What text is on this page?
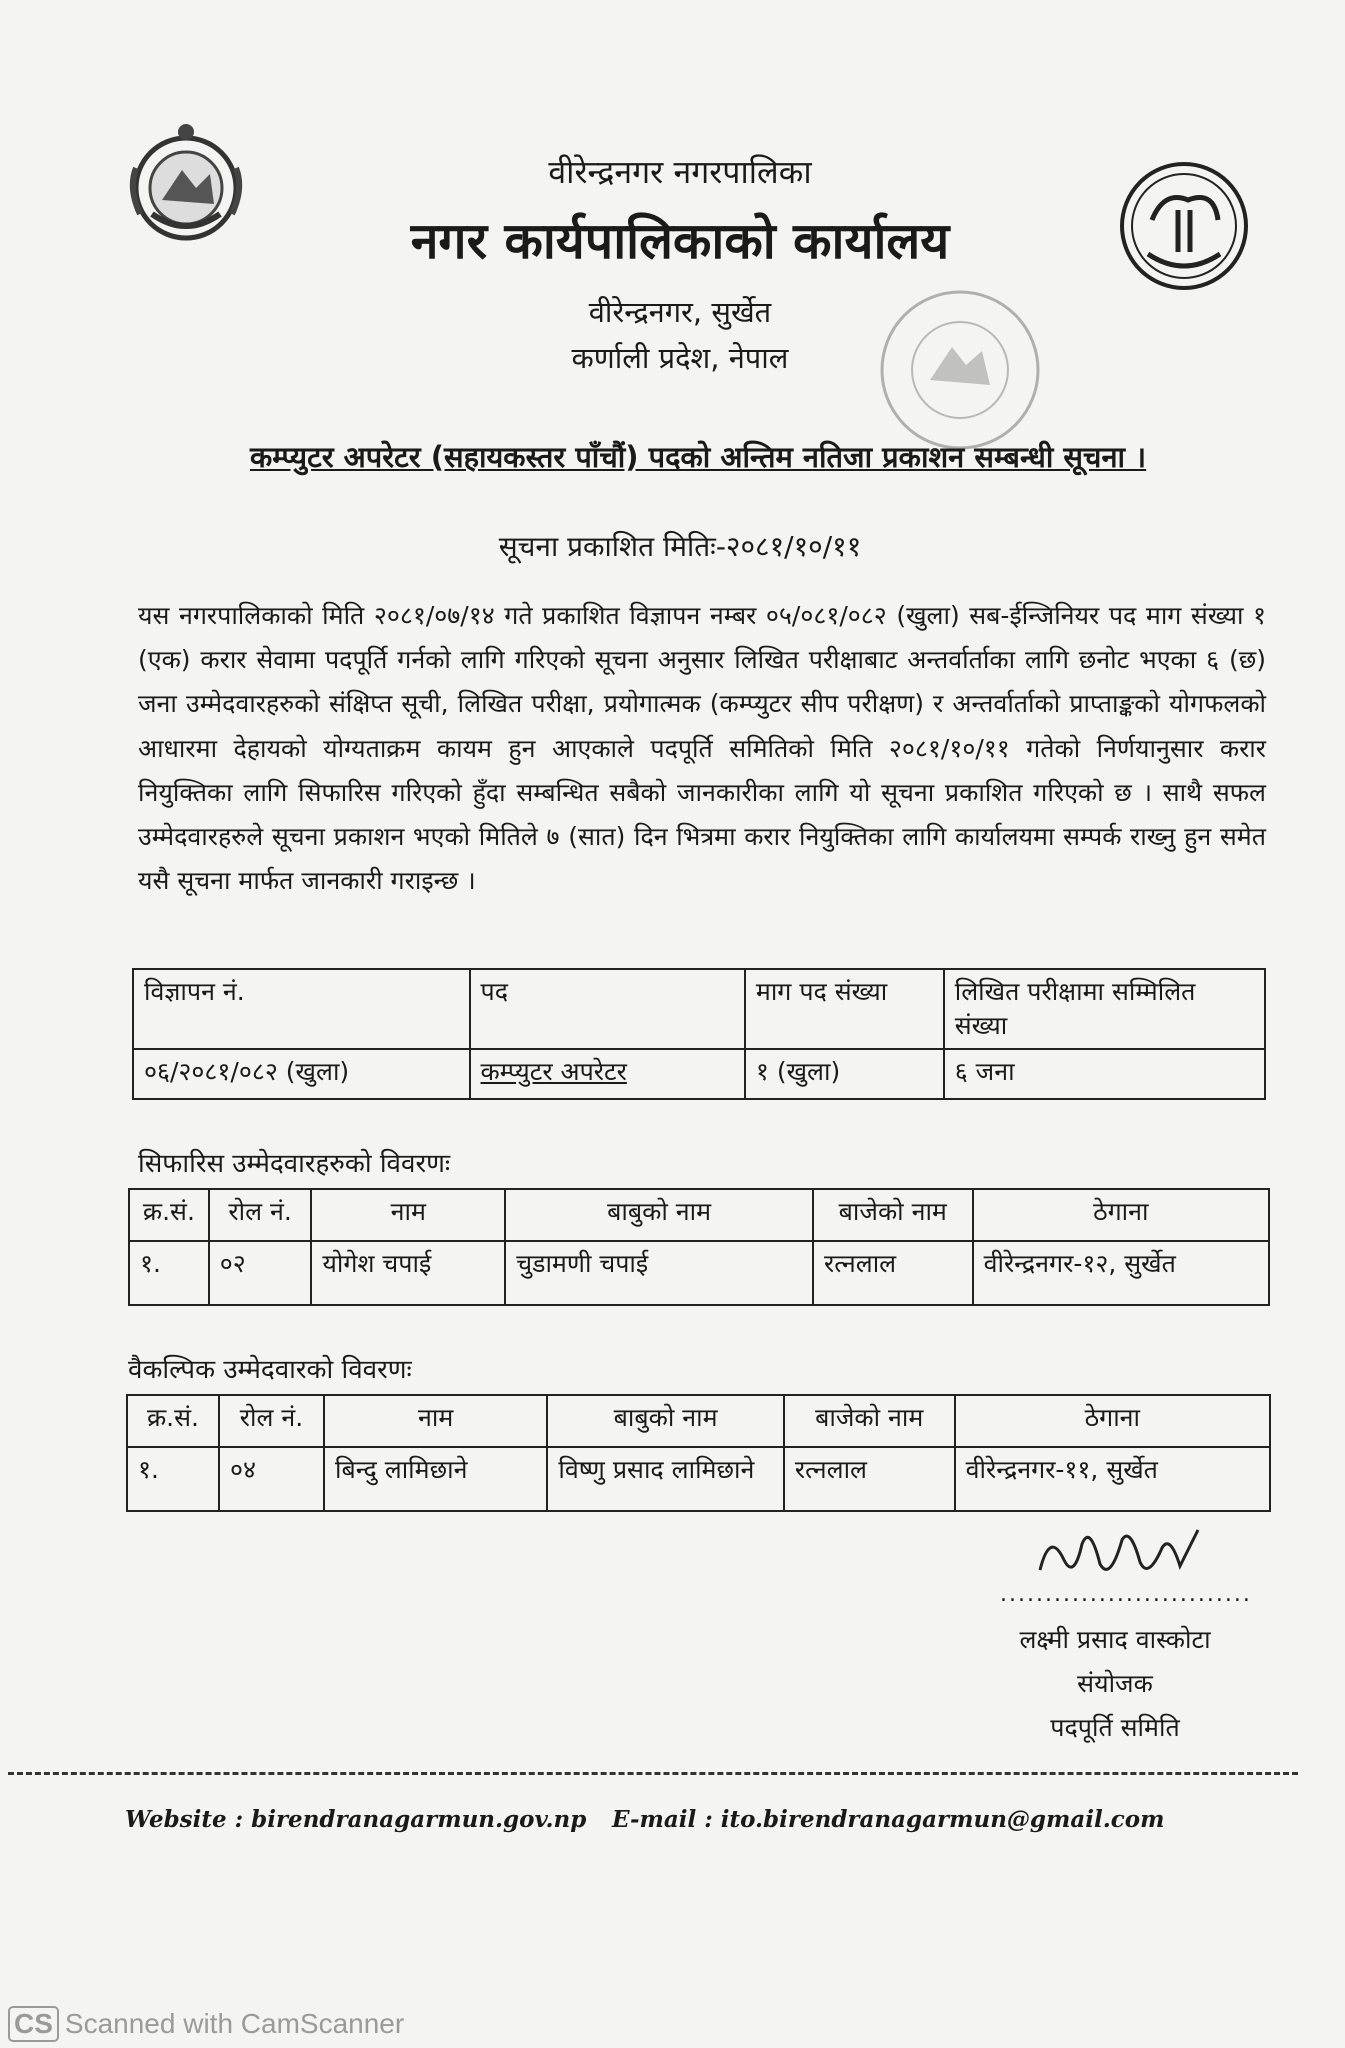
वीरेन्द्रनगर नगरपालिका
नगर कार्यपालिकाको कार्यालय
वीरेन्द्रनगर, सुर्खेत
कर्णाली प्रदेश, नेपाल
कम्प्युटर अपरेटर (सहायकस्तर पाँचौं) पदको अन्तिम नतिजा प्रकाशन सम्बन्धी सूचना ।
सूचना प्रकाशित मितिः-२०८१/१०/११
यस नगरपालिकाको मिति २०८१/०७/१४ गते प्रकाशित विज्ञापन नम्बर ०५/०८१/०८२ (खुला) सब-ईन्जिनियर पद माग संख्या १ (एक) करार सेवामा पदपूर्ति गर्नको लागि गरिएको सूचना अनुसार लिखित परीक्षाबाट अन्तर्वार्ताका लागि छनोट भएका ६ (छ) जना उम्मेदवारहरुको संक्षिप्त सूची, लिखित परीक्षा, प्रयोगात्मक (कम्प्युटर सीप परीक्षण) र अन्तर्वार्ताको प्राप्ताङ्कको योगफलको आधारमा देहायको योग्यताक्रम कायम हुन आएकाले पदपूर्ति समितिको मिति २०८१/१०/११ गतेको निर्णयानुसार करार नियुक्तिका लागि सिफारिस गरिएको हुँदा सम्बन्धित सबैको जानकारीका लागि यो सूचना प्रकाशित गरिएको छ । साथै सफल उम्मेदवारहरुले सूचना प्रकाशन भएको मितिले ७ (सात) दिन भित्रमा करार नियुक्तिका लागि कार्यालयमा सम्पर्क राख्नु हुन समेत यसै सूचना मार्फत जानकारी गराइन्छ ।
विज्ञापन नं.	पद	माग पद संख्या	लिखित परीक्षामा सम्मिलित संख्या
०६/२०८१/०८२ (खुला)	कम्प्युटर अपरेटर	१ (खुला)	६ जना
सिफारिस उम्मेदवारहरुको विवरणः
क्र.सं.	रोल नं.	नाम	बाबुको नाम	बाजेको नाम	ठेगाना
१.	०२	योगेश चपाई	चुडामणी चपाई	रत्नलाल	वीरेन्द्रनगर-१२, सुर्खेत
वैकल्पिक उम्मेदवारको विवरणः
क्र.सं.	रोल नं.	नाम	बाबुको नाम	बाजेको नाम	ठेगाना
१.	०४	बिन्दु लामिछाने	विष्णु प्रसाद लामिछाने	रत्नलाल	वीरेन्द्रनगर-११, सुर्खेत
............................
लक्ष्मी प्रसाद वास्कोटा
संयोजक
पदपूर्ति समिति
Website : birendranagarmun.gov.np E-mail : ito.birendranagarmun@gmail.com
CS Scanned with CamScanner
